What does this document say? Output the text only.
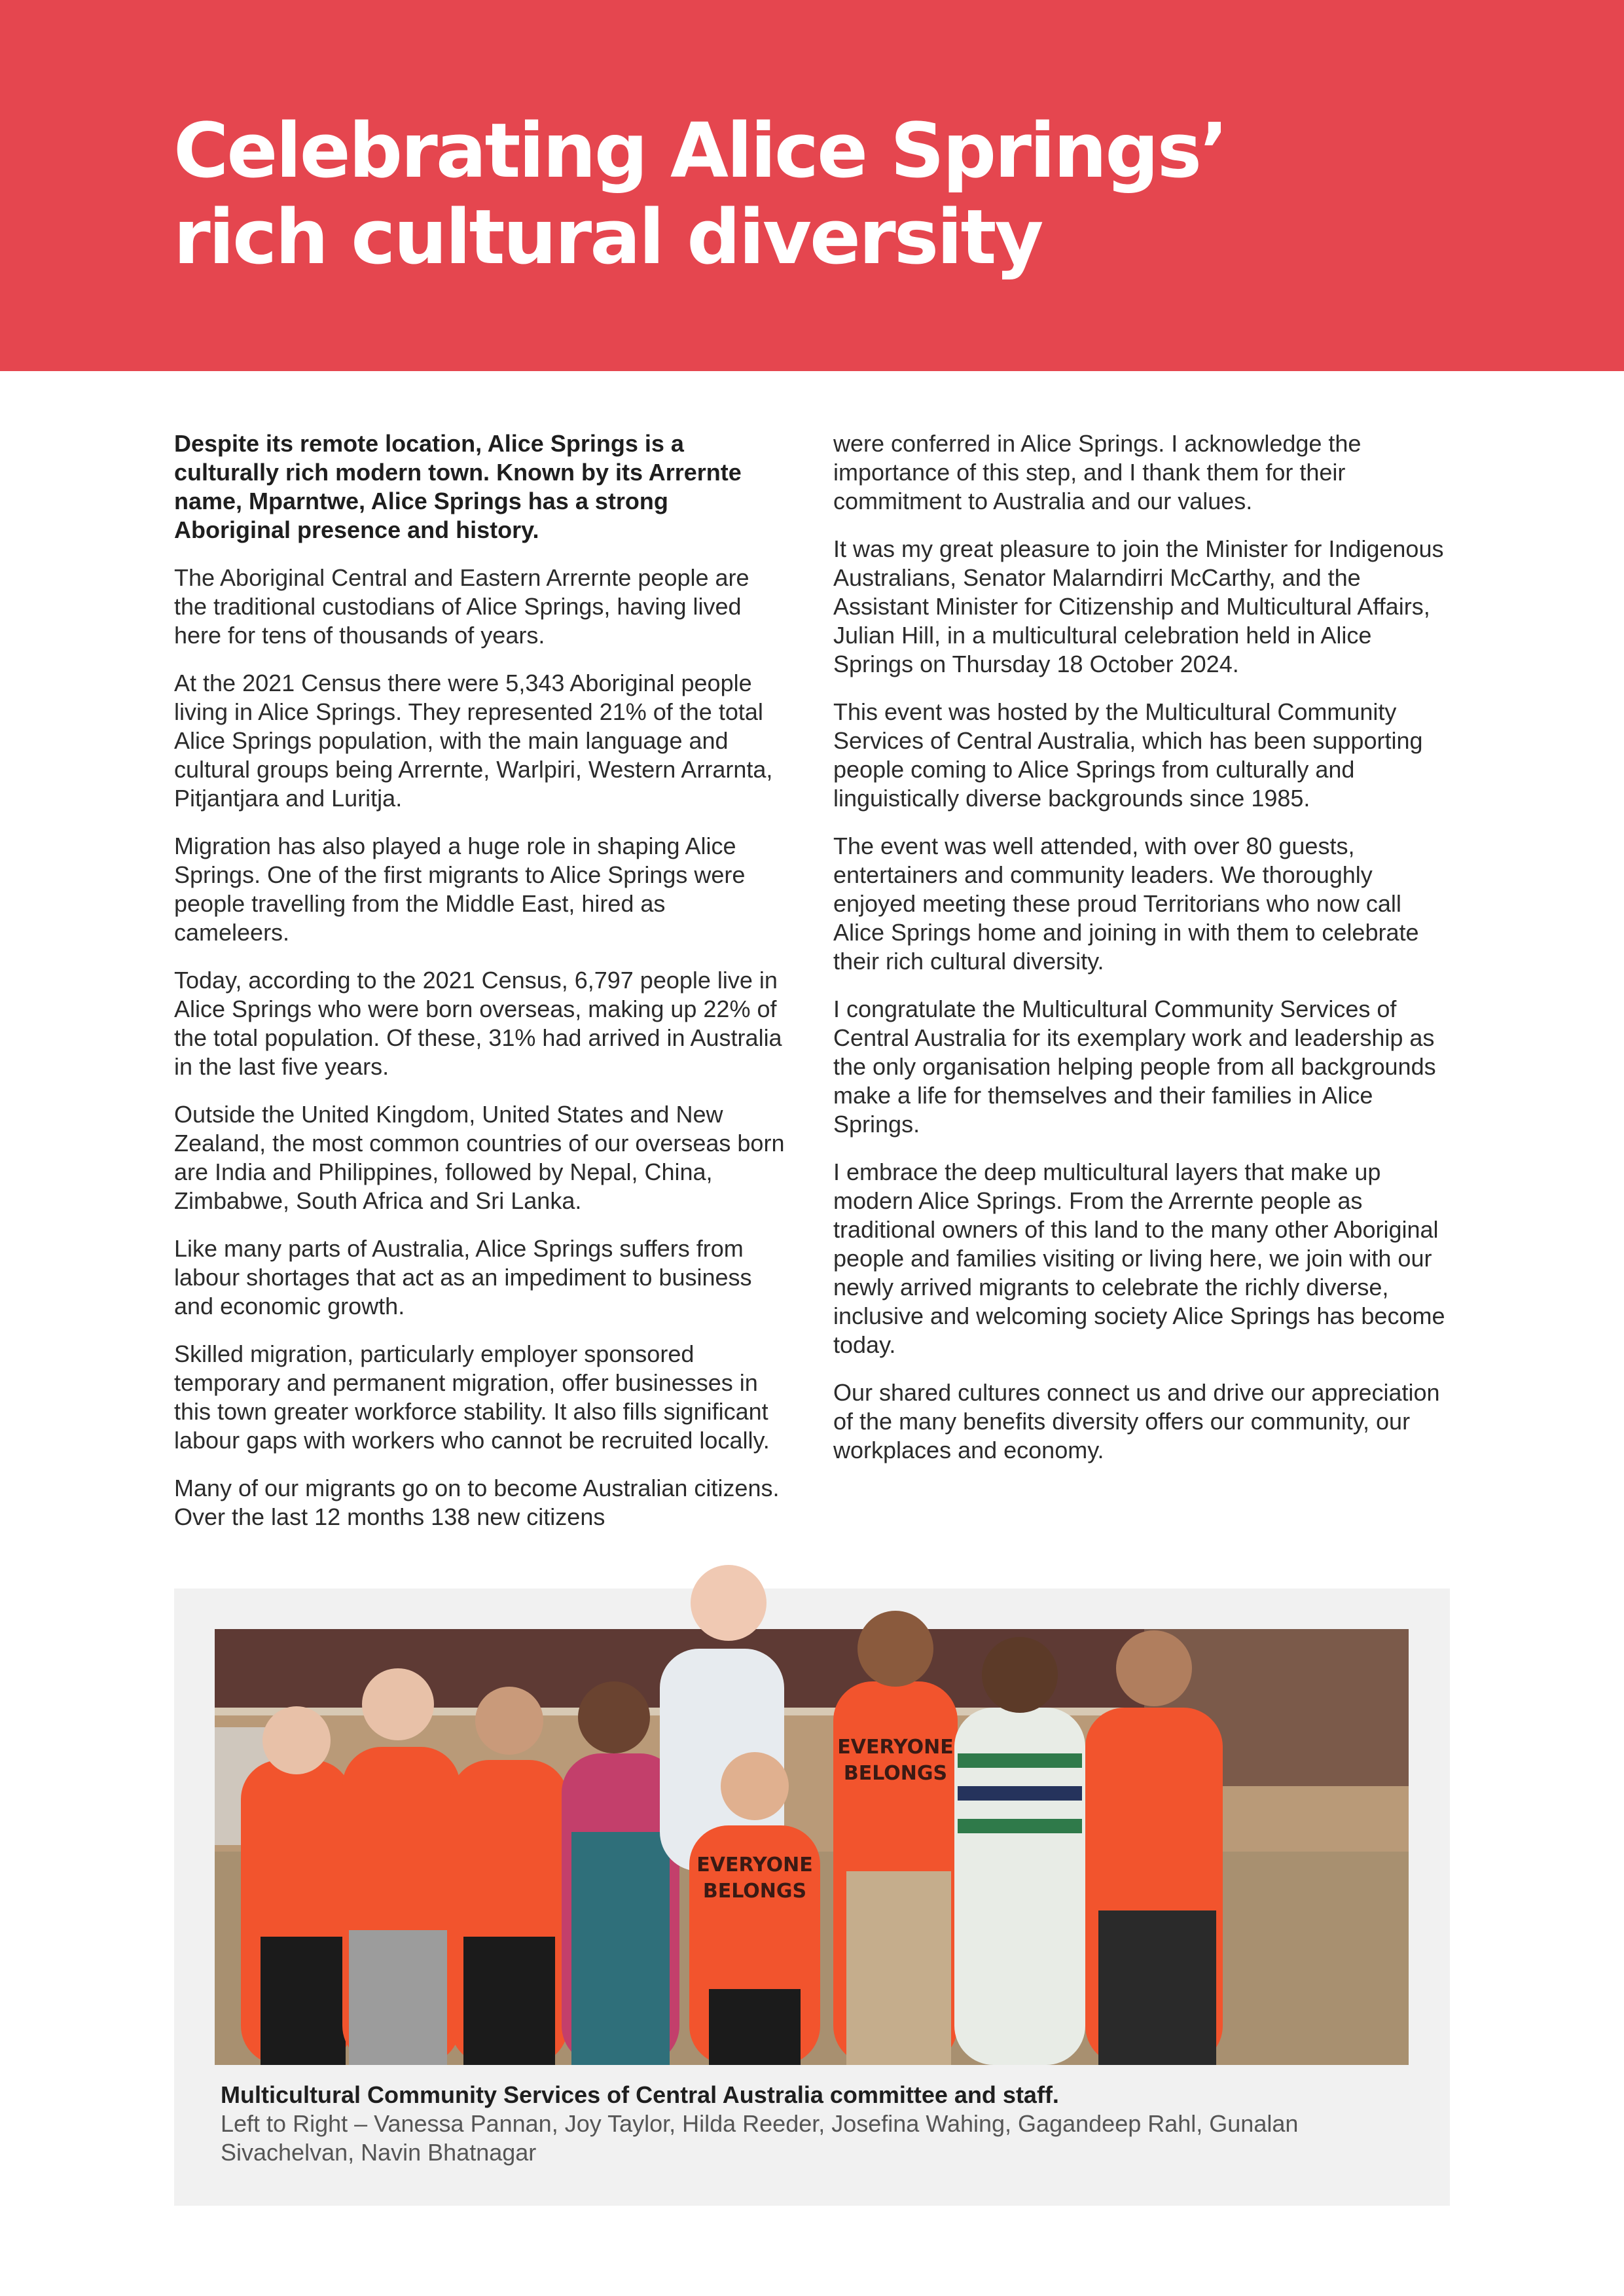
Celebrating Alice Springs’
rich cultural diversity

Despite its remote location, Alice Springs is a culturally rich modern town. Known by its Arrernte name, Mparntwe, Alice Springs has a strong Aboriginal presence and history.

The Aboriginal Central and Eastern Arrernte people are the traditional custodians of Alice Springs, having lived here for tens of thousands of years.

At the 2021 Census there were 5,343 Aboriginal people living in Alice Springs. They represented 21% of the total Alice Springs population, with the main language and cultural groups being Arrernte, Warlpiri, Western Arrarnta, Pitjantjara and Luritja.

Migration has also played a huge role in shaping Alice Springs. One of the first migrants to Alice Springs were people travelling from the Middle East, hired as cameleers.

Today, according to the 2021 Census, 6,797 people live in Alice Springs who were born overseas, making up 22% of the total population. Of these, 31% had arrived in Australia in the last five years.

Outside the United Kingdom, United States and New Zealand, the most common countries of our overseas born are India and Philippines, followed by Nepal, China, Zimbabwe, South Africa and Sri Lanka.

Like many parts of Australia, Alice Springs suffers from labour shortages that act as an impediment to business and economic growth.

Skilled migration, particularly employer sponsored temporary and permanent migration, offer businesses in this town greater workforce stability. It also fills significant labour gaps with workers who cannot be recruited locally.

Many of our migrants go on to become Australian citizens. Over the last 12 months 138 new citizens

were conferred in Alice Springs. I acknowledge the importance of this step, and I thank them for their commitment to Australia and our values.

It was my great pleasure to join the Minister for Indigenous Australians, Senator Malarndirri McCarthy, and the Assistant Minister for Citizenship and Multicultural Affairs, Julian Hill, in a multicultural celebration held in Alice Springs on Thursday 18 October 2024.

This event was hosted by the Multicultural Community Services of Central Australia, which has been supporting people coming to Alice Springs from culturally and linguistically diverse backgrounds since 1985.

The event was well attended, with over 80 guests, entertainers and community leaders. We thoroughly enjoyed meeting these proud Territorians who now call Alice Springs home and joining in with them to celebrate their rich cultural diversity.

I congratulate the Multicultural Community Services of Central Australia for its exemplary work and leadership as the only organisation helping people from all backgrounds make a life for themselves and their families in Alice Springs.

I embrace the deep multicultural layers that make up modern Alice Springs. From the Arrernte people as traditional owners of this land to the many other Aboriginal people and families visiting or living here, we join with our newly arrived migrants to celebrate the richly diverse, inclusive and welcoming society Alice Springs has become today.

Our shared cultures connect us and drive our appreciation of the many benefits diversity offers our community, our workplaces and economy.

EVERYONE
BELONGS
EVERYONE
BELONGS

Multicultural Community Services of Central Australia committee and staff.

Left to Right – Vanessa Pannan, Joy Taylor, Hilda Reeder, Josefina Wahing, Gagandeep Rahl, Gunalan Sivachelvan, Navin Bhatnagar
